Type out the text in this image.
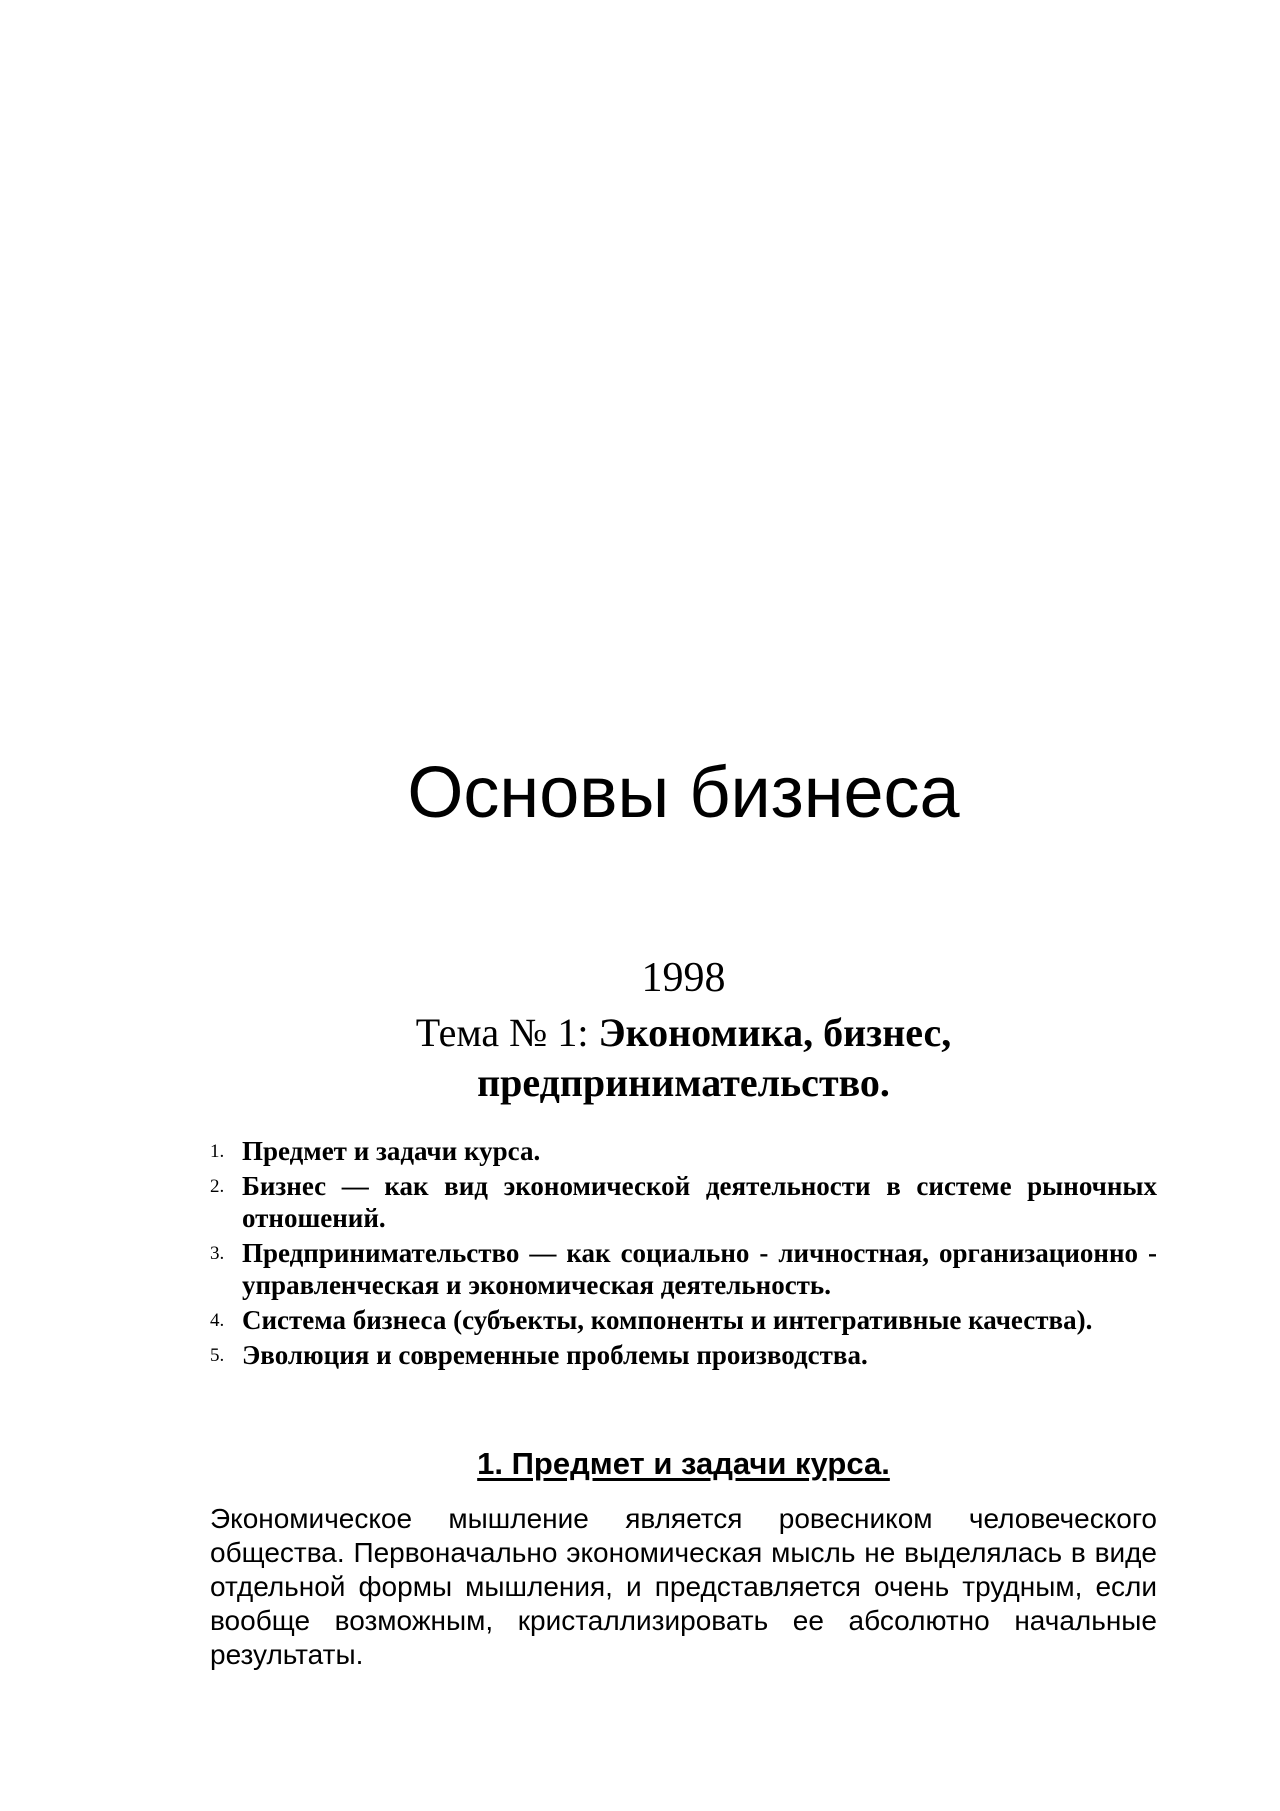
Основы бизнеса
1998
Тема № 1: Экономика, бизнес, предпринимательство.
1. Предмет и задачи курса.
2. Бизнес — как вид экономической деятельности в системе рыночных отношений.
3. Предпринимательство — как социально - личностная, организационно - управленческая и экономическая деятельность.
4. Система бизнеса (субъекты, компоненты и интегративные качества).
5. Эволюция и современные проблемы производства.
1. Предмет и задачи курса.

Экономическое мышление является ровесником человеческого общества. Первоначально экономическая мысль не выделялась в виде отдельной формы мышления, и представляется очень трудным, если вообще возможным, кристаллизировать ее абсолютно начальные результаты.
